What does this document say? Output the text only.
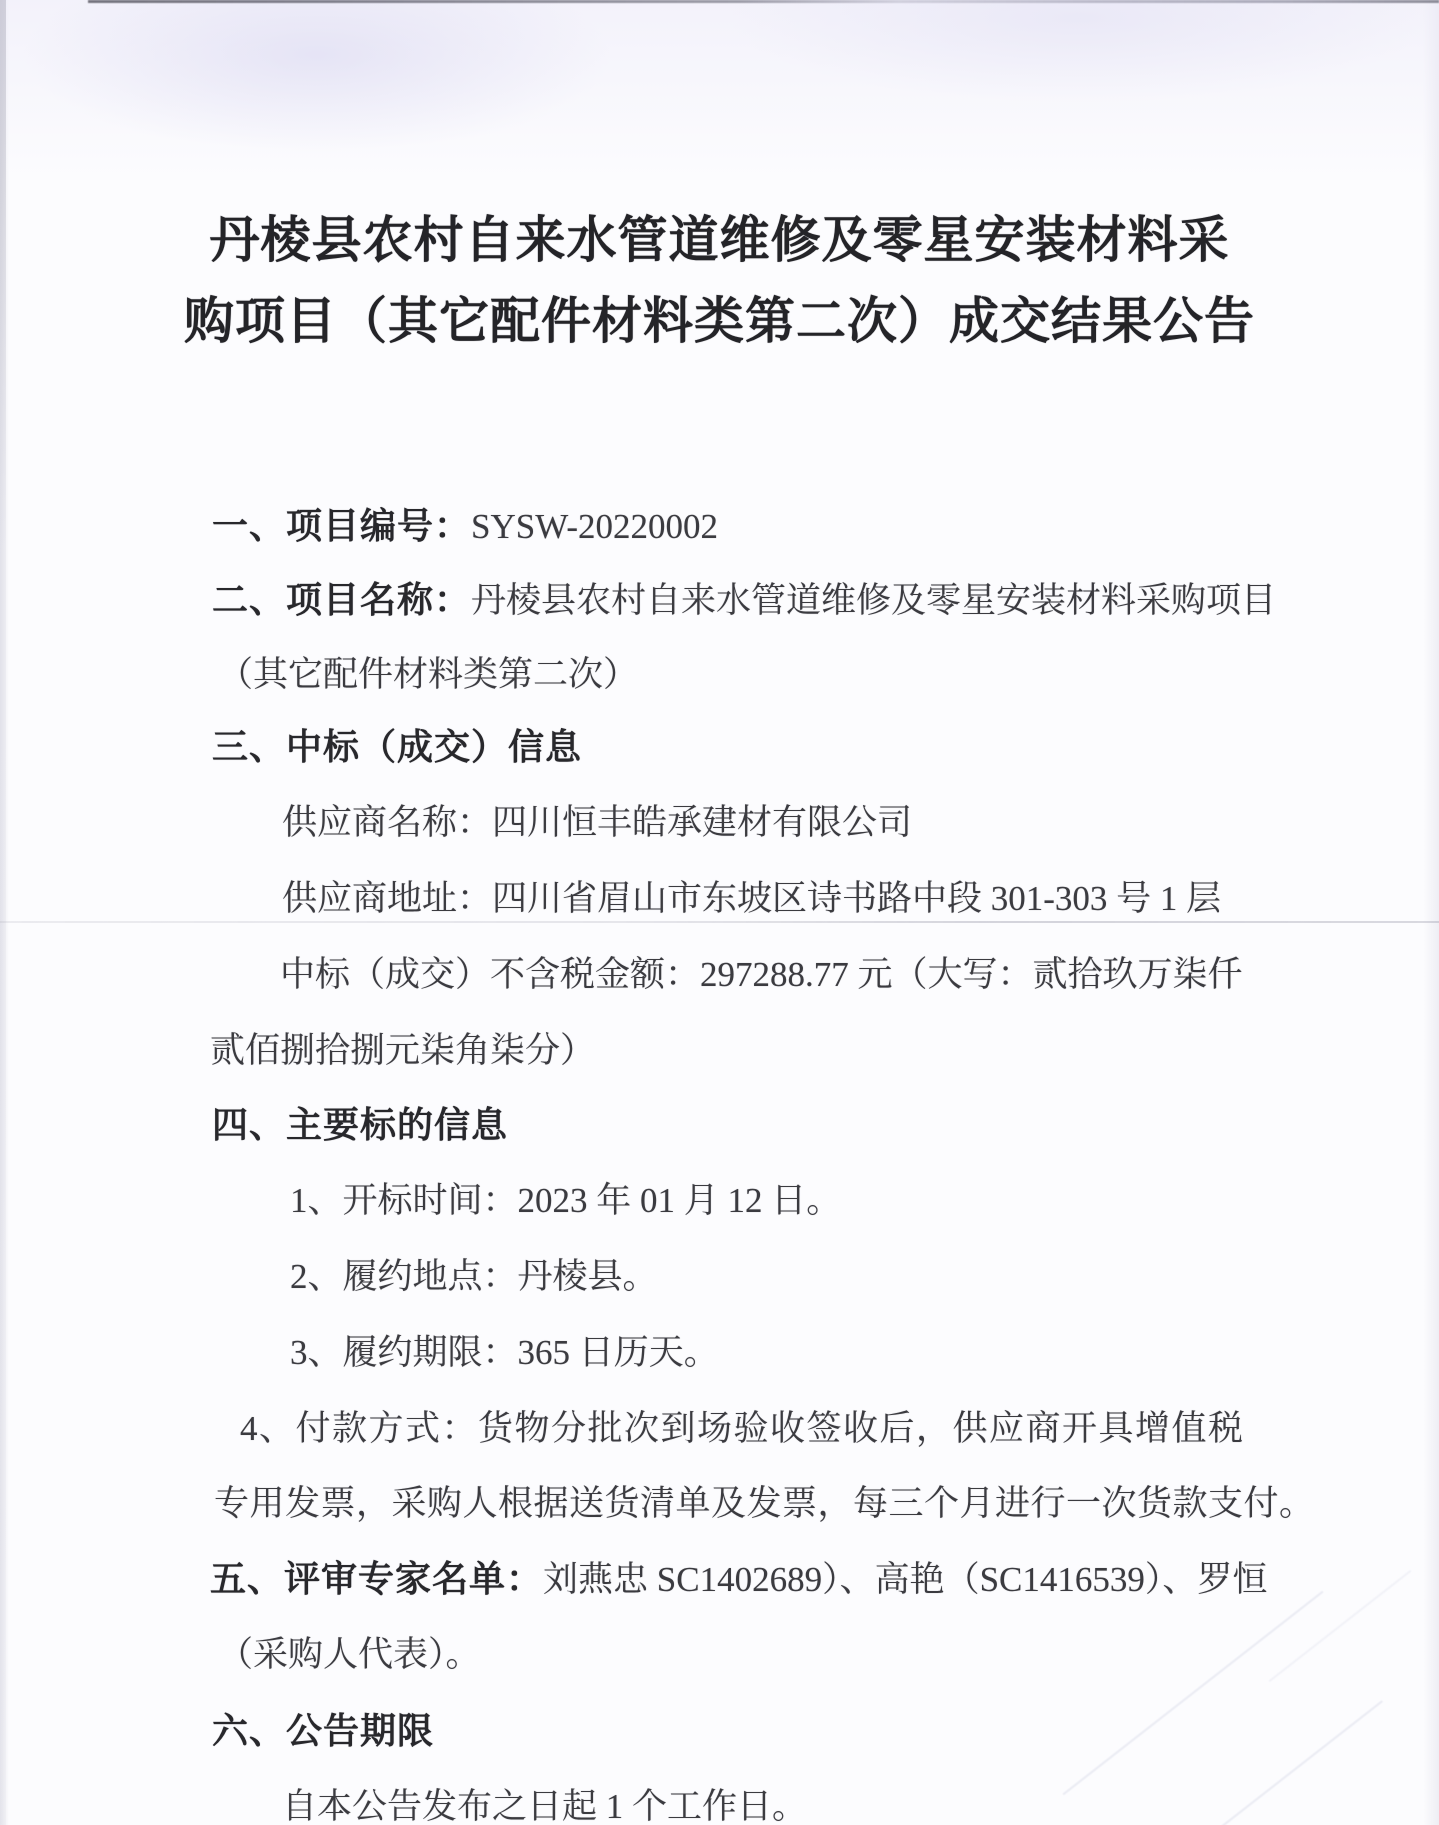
丹棱县农村自来水管道维修及零星安装材料采
购项目（其它配件材料类第二次）成交结果公告
一、项目编号：SYSW-20220002
二、项目名称：丹棱县农村自来水管道维修及零星安装材料采购项目
（其它配件材料类第二次）
三、中标（成交）信息
供应商名称：四川恒丰皓承建材有限公司
供应商地址：四川省眉山市东坡区诗书路中段 301-303 号 1 层
中标（成交）不含税金额：297288.77 元（大写：贰拾玖万柒仟
贰佰捌拾捌元柒角柒分）
四、主要标的信息
1、开标时间：2023 年 01 月 12 日。
2、履约地点：丹棱县。
3、履约期限：365 日历天。
4、付款方式：货物分批次到场验收签收后，供应商开具增值税
专用发票，采购人根据送货清单及发票，每三个月进行一次货款支付。
五、评审专家名单：刘燕忠 SC1402689）、高艳（SC1416539）、罗恒
（采购人代表）。
六、公告期限
自本公告发布之日起 1 个工作日。
